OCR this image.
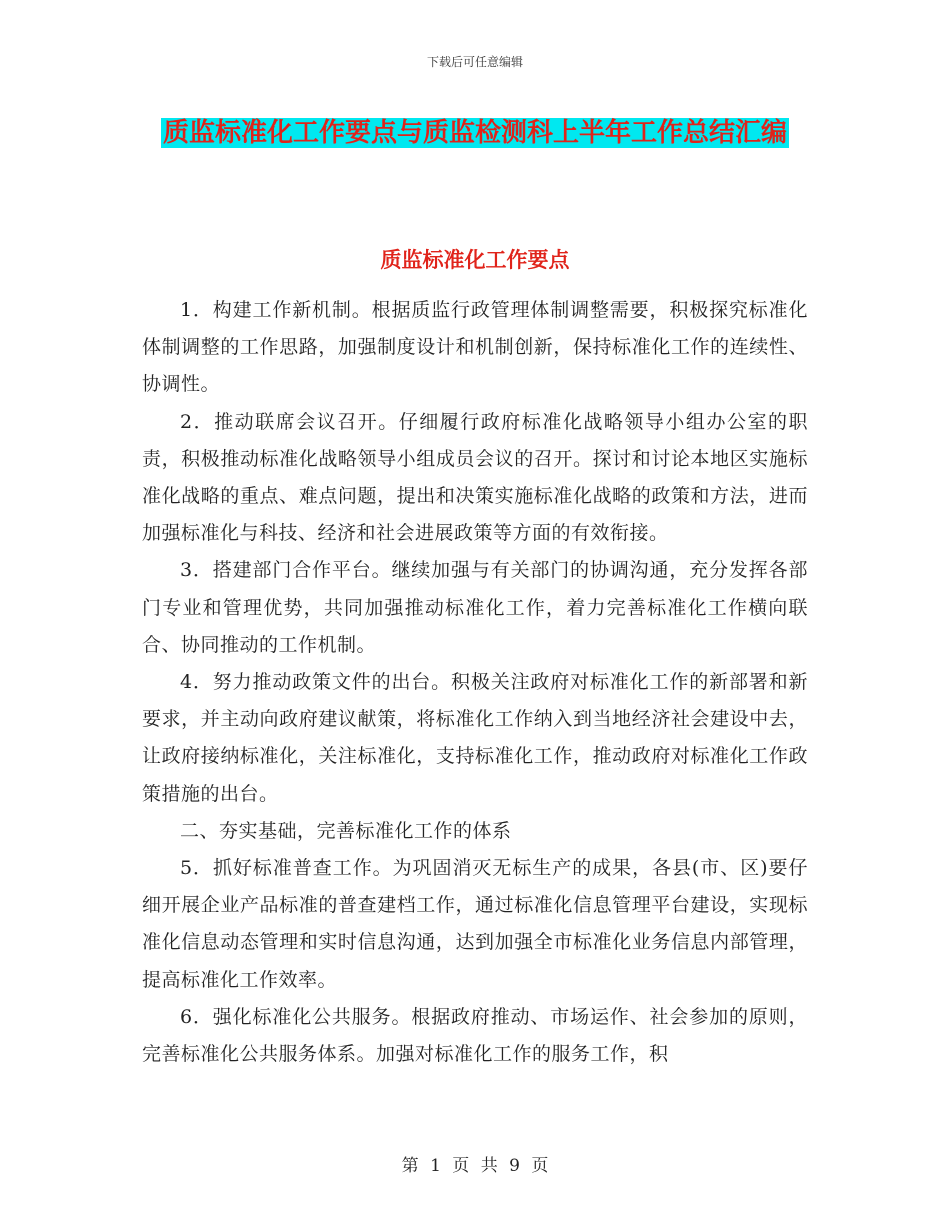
下载后可任意编辑
质监标准化工作要点与质监检测科上半年工作总结汇编
质监标准化工作要点

1．构建工作新机制。根据质监行政管理体制调整需要，积极探究标准化体制调整的工作思路，加强制度设计和机制创新，保持标准化工作的连续性、协调性。

2．推动联席会议召开。仔细履行政府标准化战略领导小组办公室的职责，积极推动标准化战略领导小组成员会议的召开。探讨和讨论本地区实施标准化战略的重点、难点问题，提出和决策实施标准化战略的政策和方法，进而加强标准化与科技、经济和社会进展政策等方面的有效衔接。

3．搭建部门合作平台。继续加强与有关部门的协调沟通，充分发挥各部门专业和管理优势，共同加强推动标准化工作，着力完善标准化工作横向联合、协同推动的工作机制。

4．努力推动政策文件的出台。积极关注政府对标准化工作的新部署和新要求，并主动向政府建议献策，将标准化工作纳入到当地经济社会建设中去，让政府接纳标准化，关注标准化，支持标准化工作，推动政府对标准化工作政策措施的出台。

二、夯实基础，完善标准化工作的体系

5．抓好标准普查工作。为巩固消灭无标生产的成果，各县(市、区)要仔细开展企业产品标准的普查建档工作，通过标准化信息管理平台建设，实现标准化信息动态管理和实时信息沟通，达到加强全市标准化业务信息内部管理，提高标准化工作效率。

6．强化标准化公共服务。根据政府推动、市场运作、社会参加的原则，完善标准化公共服务体系。加强对标准化工作的服务工作，积

第 1 页 共 9 页
